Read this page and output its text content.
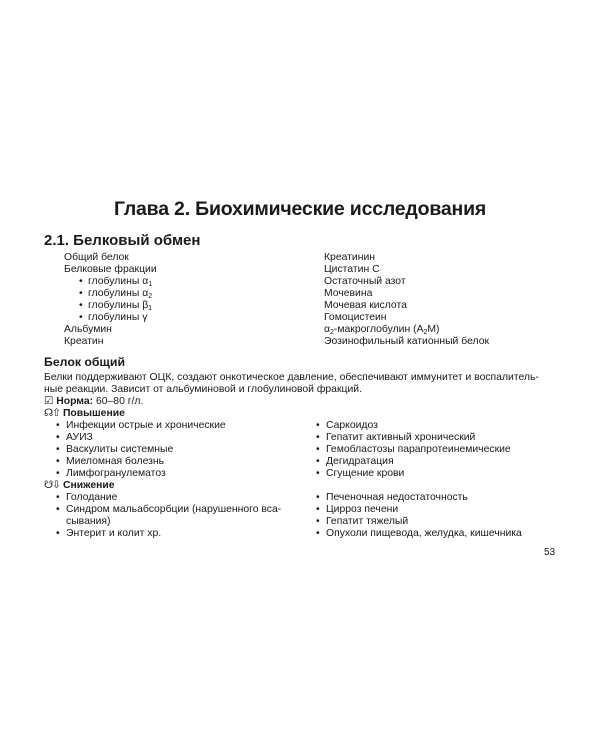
Глава 2. Биохимические исследования
2.1. Белковый обмен
Общий белок
Белковые фракции
• глобулины $\alpha_1$
• глобулины $\alpha_2$
• глобулины $\beta_1$
• глобулины γ
Альбумин
Креатин
Креатинин
Цистатин С
Остаточный азот
Мочевина
Мочевая кислота
Гомоцистеин
$\alpha_2$-макроглобулин $(A_2M)$
Эозинофильный катионный белок
Белок общий
Белки поддерживают ОЦК, создают онкотическое давление, обеспечивают иммунитет и воспалитель-
ные реакции. Зависит от альбуминовой и глобулиновой фракций.
☑ Норма: 60–80 г/л.
☊⇧ Повышение
• Инфекции острые и хронические
• АУИЗ
• Васкулиты системные
• Миеломная болезнь
• Лимфогранулематоз
• Саркоидоз
• Гепатит активный хронический
• Гемобластозы парапротеинемические
• Дегидратация
• Сгущение крови
☋⇩ Снижение
• Голодание
• Синдром мальабсорбции (нарушенного вса-
сывания)
• Энтерит и колит хр.
• Печеночная недостаточность
• Цирроз печени
• Гепатит тяжелый
• Опухоли пищевода, желудка, кишечника
53
